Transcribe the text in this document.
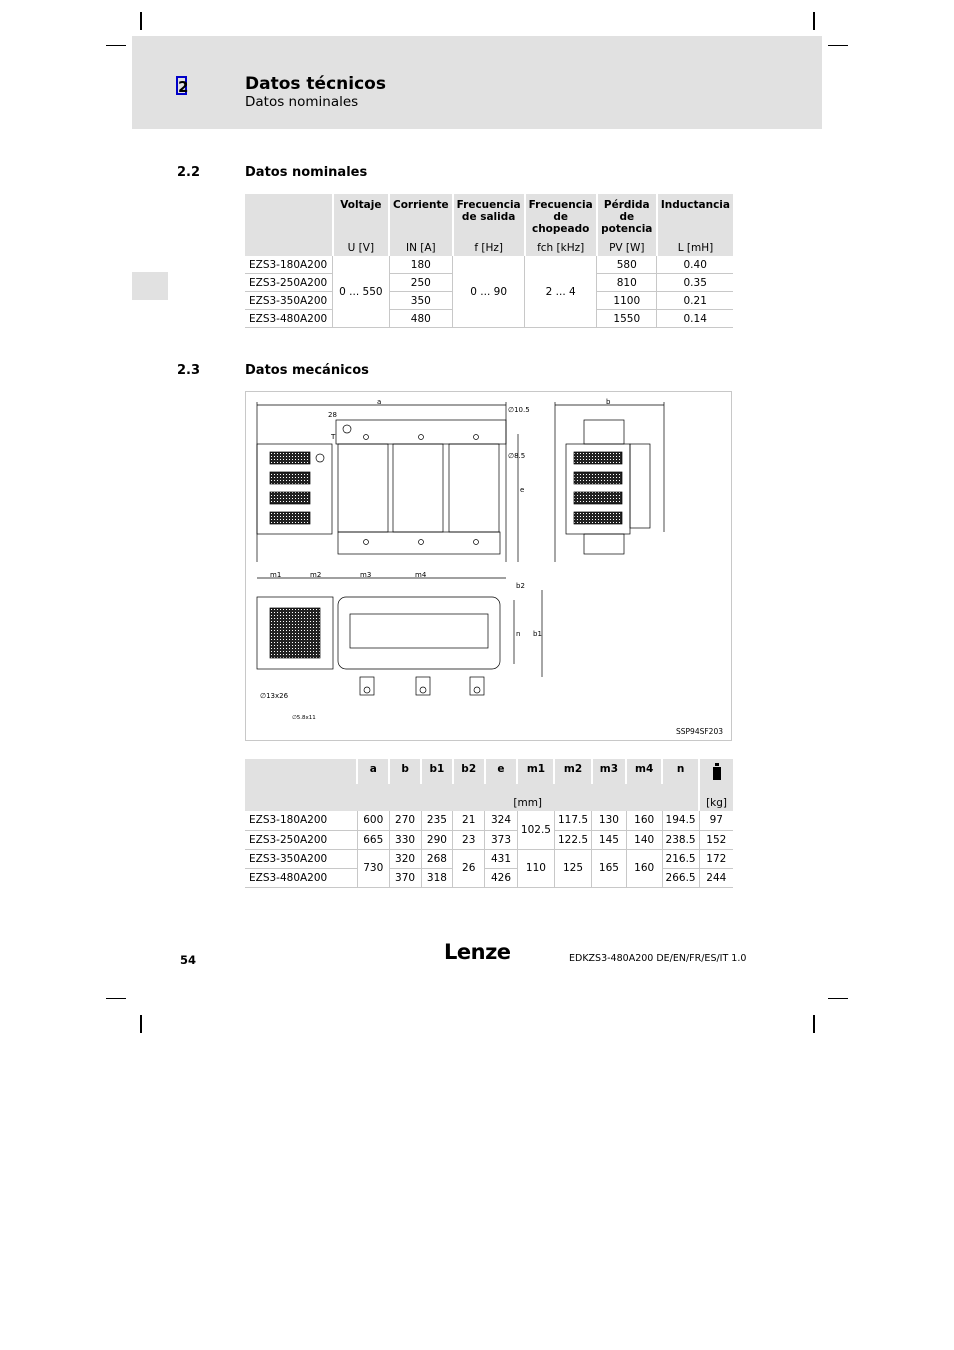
2	Datos técnicos
Datos nominales
2.2	Datos nominales
	Voltaje	Corriente	Frecuencia de salida	Frecuencia de chopeado	Pérdida de potencia	Inductancia
	U [V]	IN [A]	f [Hz]	fch [kHz]	PV [W]	L [mH]
EZS3-180A200	0 ... 550	180	0 ... 90	2 ... 4	580	0.40
EZS3-250A200		250			810	0.35
EZS3-350A200		350			1100	0.21
EZS3-480A200		480			1550	0.14
2.3	Datos mecánicos
a
28
T
∅10.5
∅8.5
e
b
m1	m2	m3	m4
b2
n b1
∅13x26
∅5.8x11
SSP94SF203
	a	b	b1	b2	e	m1	m2	m3	m4	n	
	[mm]										[kg]
EZS3-180A200	600	270	235	21	324	102.5	117.5	130	160	194.5	97
EZS3-250A200	665	330	290	23	373		122.5	145	140	238.5	152
EZS3-350A200	730	320	268	26	431	110	125	165	160	216.5	172
EZS3-480A200		370	318		426					266.5	244
54	Lenze	EDKZS3-480A200 DE/EN/FR/ES/IT 1.0
